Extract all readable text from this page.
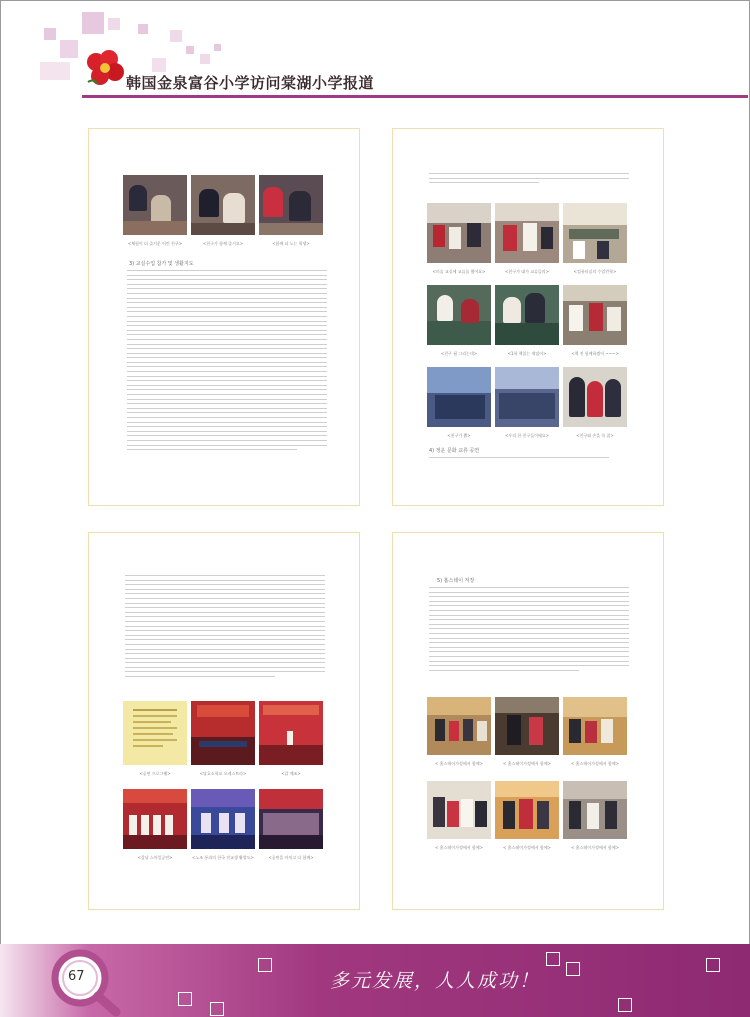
韩国金泉富谷小学访问棠湖小学报道
<체험이 더 즐거운 어린 친구>	<친구가 함께 즐거요>	<함께 더 노는 학생>
3) 교실수업 참가 및 생활지도
<미술 교실에 교류를 했어요>	<친구가 대가 교류들의>	<컴퓨터실의 수업견학>
<친구 됨 그리는데>	<1학 책읽는 재밌어>	<책 전 함께하겠어 ~~~>
<친구가 뽑>	<우리 한 친구들이에요>	<친구와 손을 꼭 잡>
4) 정운 문화 교류 공연
<공연 프로그램>	<당호소학교 오케스트라>	<갑 체조>
<갑남 스마일공연>	<노조 통과의 한국 전교생 활발도>	<공연을 마치고 다 함께>
5) 홈스테이 저장
< 홈스테이가정에서 함께>	< 홈스테이가정에서 함께>	< 홈스테이가정에서 함께>
< 홈스테이가정에서 함께>	< 홈스테이가정에서 함께>	< 홈스테이가정에서 함께>
67	多元发展，人人成功！
